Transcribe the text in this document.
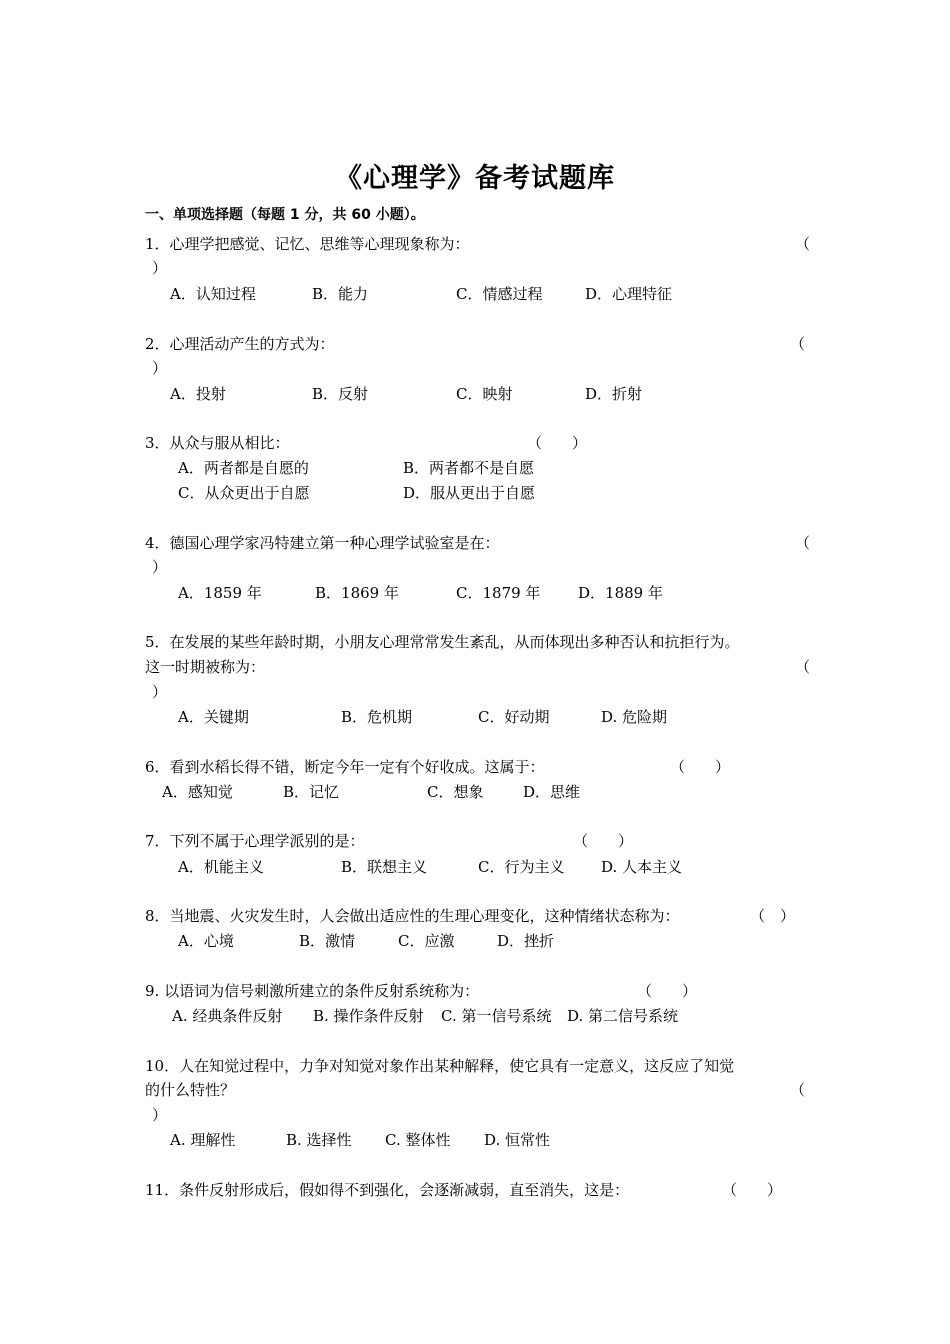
《心理学》备考试题库
一、单项选择题（每题 1 分，共 60 小题）。
1．心理学把感觉、记忆、思维等心理现象称为：	（
）
A．认知过程	B．能力	C．情感过程	D．心理特征
2．心理活动产生的方式为：	（
）
A．投射	B．反射	C．映射	D．折射
3．从众与服从相比：	（　　）
A．两者都是自愿的	B．两者都不是自愿
C．从众更出于自愿	D．服从更出于自愿
4．德国心理学家冯特建立第一种心理学试验室是在：	（
）
A．1859 年	B．1869 年	C．1879 年	D．1889 年
5．在发展的某些年龄时期，小朋友心理常常发生紊乱，从而体现出多种否认和抗拒行为。
这一时期被称为：	（
）
A．关键期	B．危机期	C．好动期	D. 危险期
6．看到水稻长得不错，断定今年一定有个好收成。这属于：	（　　）
A．感知觉	B．记忆	C．想象	D．思维
7．下列不属于心理学派别的是：	（　　）
A．机能主义	B．联想主义	C．行为主义 D. 人本主义
8．当地震、火灾发生时，人会做出适应性的生理心理变化，这种情绪状态称为：	（　）
A．心境	B．激情	C．应激	D．挫折
9. 以语词为信号刺激所建立的条件反射系统称为：	（　　）
A. 经典条件反射 B. 操作条件反射 C. 第一信号系统 D. 第二信号系统
10．人在知觉过程中，力争对知觉对象作出某种解释，使它具有一定意义，这反应了知觉
的什么特性？	（
）
A. 理解性	B. 选择性 C. 整体性 D. 恒常性
11．条件反射形成后，假如得不到强化，会逐渐减弱，直至消失，这是：	（　　）
